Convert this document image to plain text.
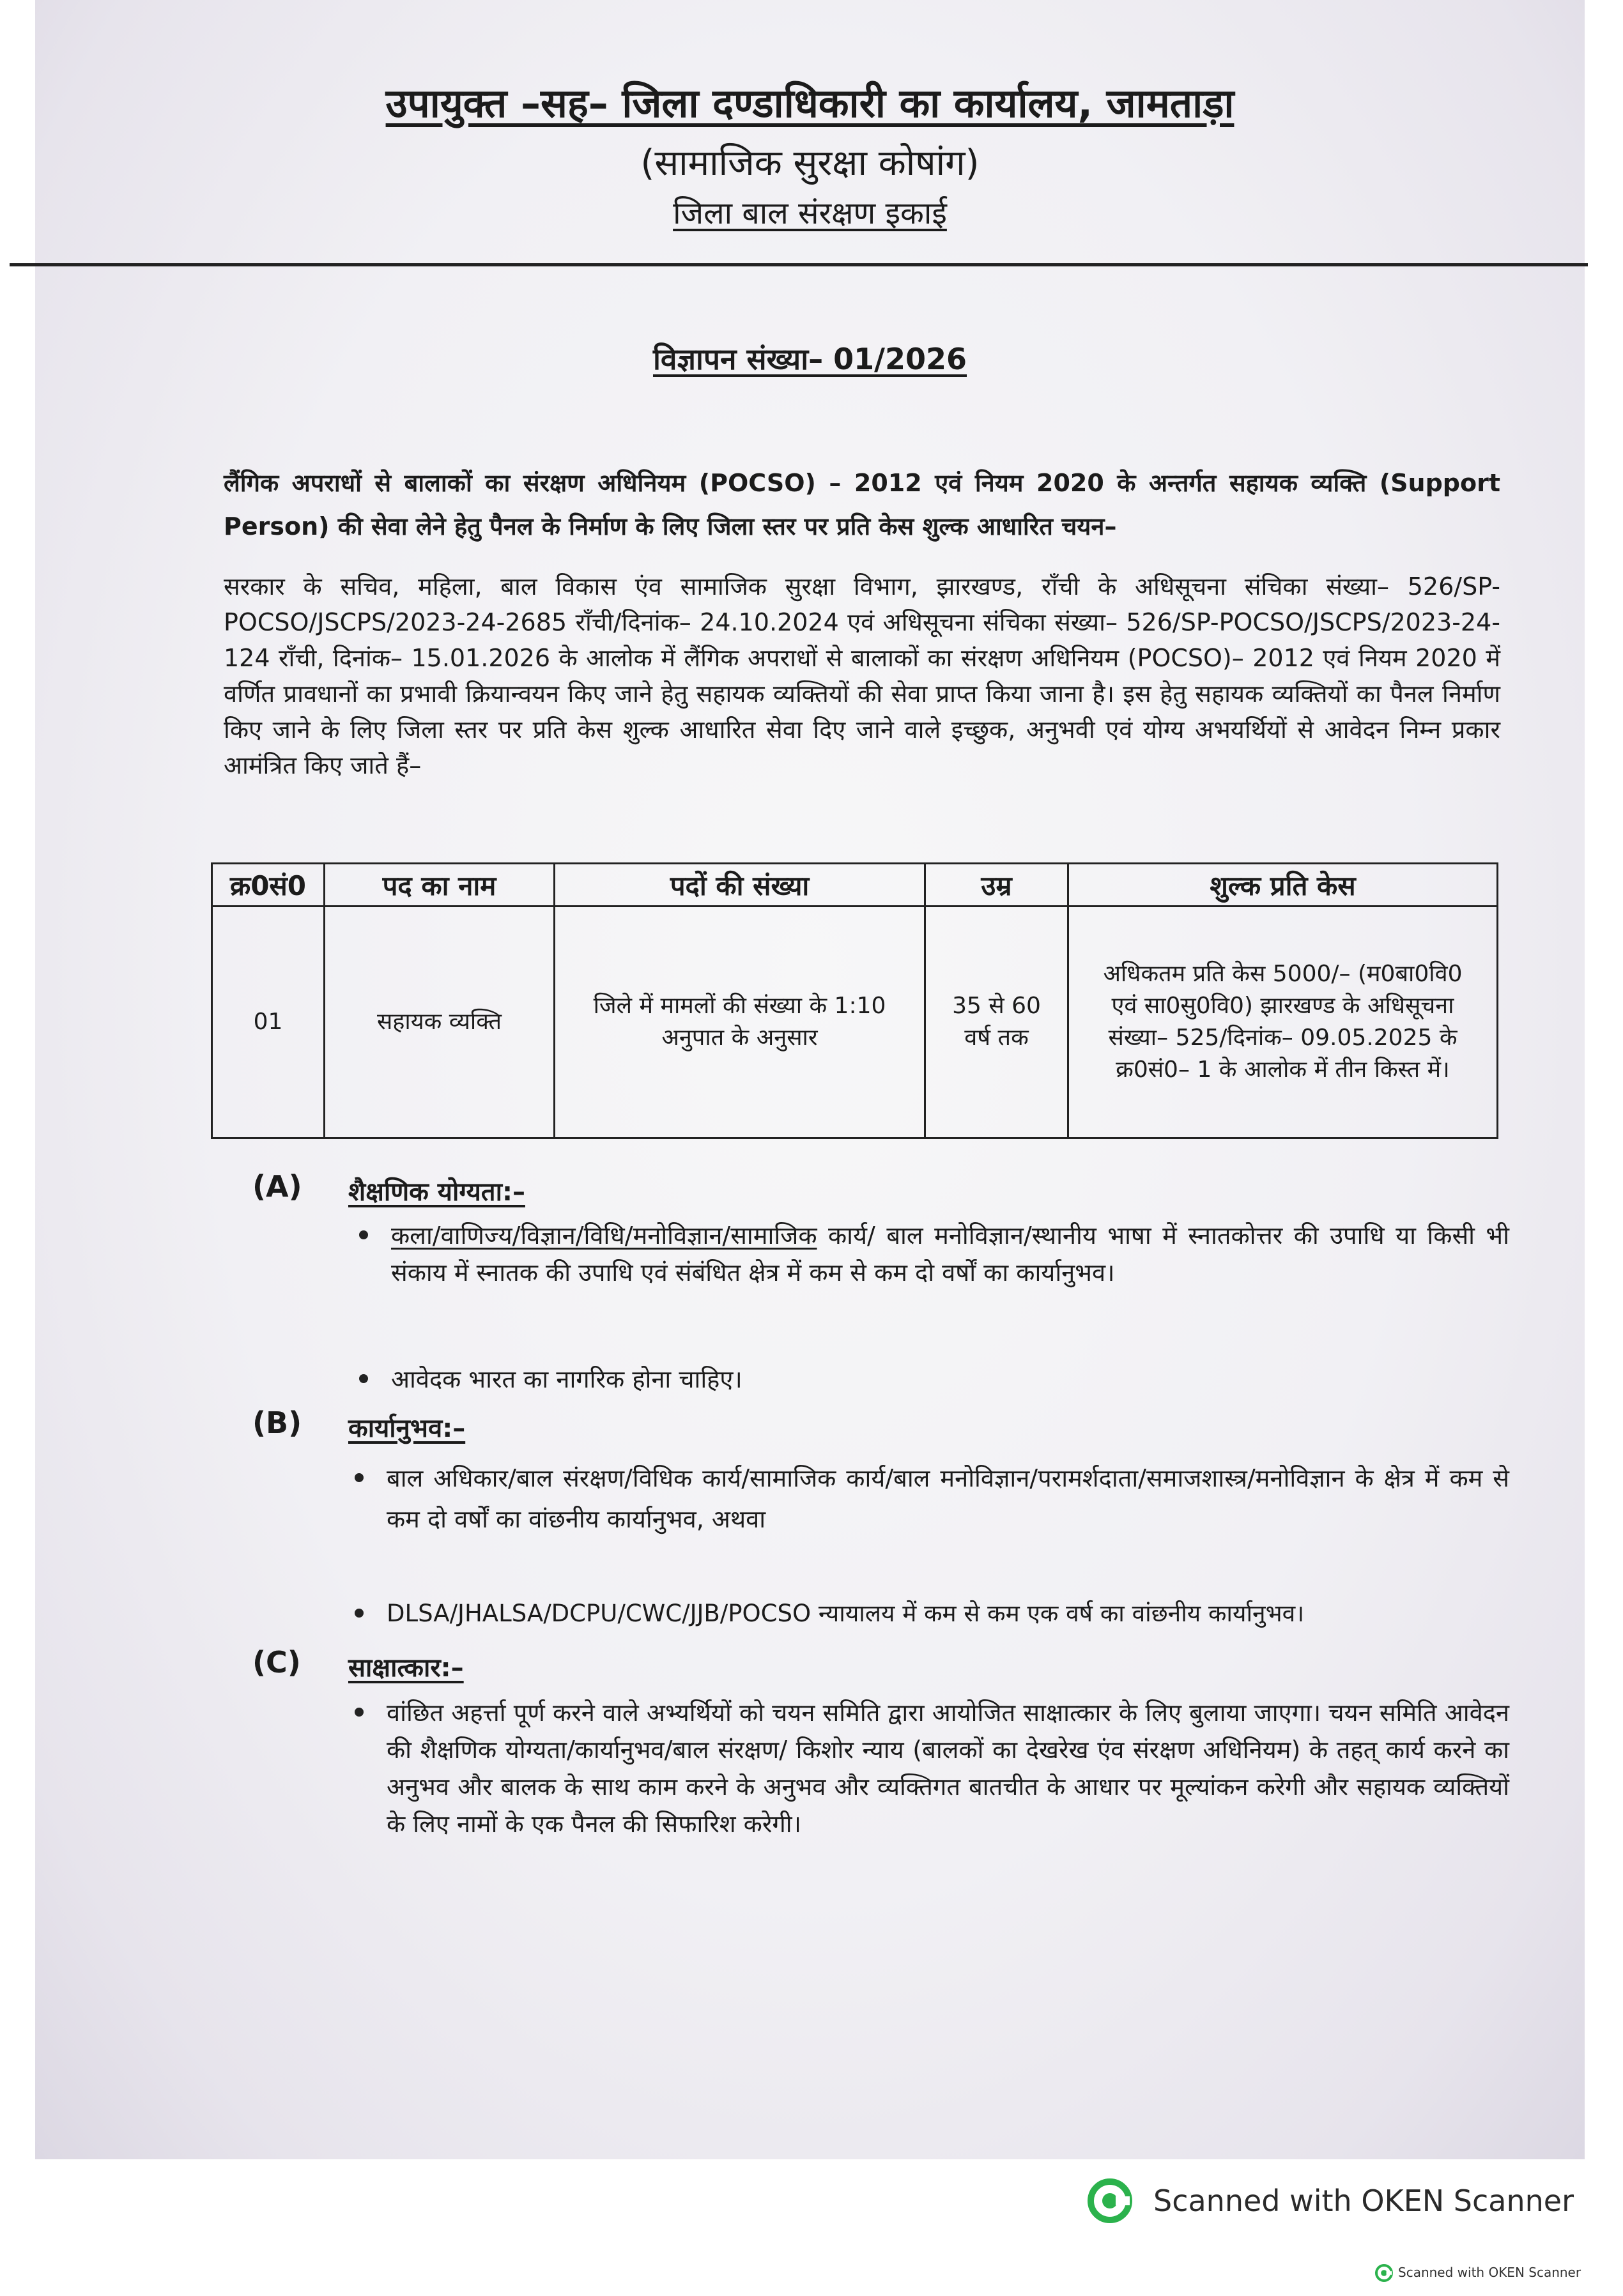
उपायुक्त –सह– जिला दण्डाधिकारी का कार्यालय, जामताड़ा
(सामाजिक सुरक्षा कोषांग)
जिला बाल संरक्षण इकाई
विज्ञापन संख्या– 01/2026
लैंगिक अपराधों से बालाकों का संरक्षण अधिनियम (POCSO) – 2012 एवं नियम 2020 के अन्तर्गत सहायक व्यक्ति (Support Person) की सेवा लेने हेतु पैनल के निर्माण के लिए जिला स्तर पर प्रति केस शुल्क आधारित चयन–
सरकार के सचिव, महिला, बाल विकास एंव सामाजिक सुरक्षा विभाग, झारखण्ड, राँची के अधिसूचना संचिका संख्या– 526/SP-POCSO/JSCPS/2023-24-2685 राँची/दिनांक– 24.10.2024 एवं अधिसूचना संचिका संख्या– 526/SP-POCSO/JSCPS/2023-24-124 राँची, दिनांक– 15.01.2026 के आलोक में लैंगिक अपराधों से बालाकों का संरक्षण अधिनियम (POCSO)– 2012 एवं नियम 2020 में वर्णित प्रावधानों का प्रभावी क्रियान्वयन किए जाने हेतु सहायक व्यक्तियों की सेवा प्राप्त किया जाना है। इस हेतु सहायक व्यक्तियों का पैनल निर्माण किए जाने के लिए जिला स्तर पर प्रति केस शुल्क आधारित सेवा दिए जाने वाले इच्छुक, अनुभवी एवं योग्य अभयर्थियों से आवेदन निम्न प्रकार आमंत्रित किए जाते हैं–
क्र0सं0	पद का नाम	पदों की संख्या	उम्र	शुल्क प्रति केस
01	सहायक व्यक्ति	जिले में मामलों की संख्या के 1:10 अनुपात के अनुसार	35 से 60 वर्ष तक	अधिकतम प्रति केस 5000/– (म0बा0वि0 एवं सा0सु0वि0) झारखण्ड के अधिसूचना संख्या– 525/दिनांक– 09.05.2025 के क्र0सं0– 1 के आलोक में तीन किस्त में।
(A) शैक्षणिक योग्यता:–
कला/वाणिज्य/विज्ञान/विधि/मनोविज्ञान/सामाजिक कार्य/ बाल मनोविज्ञान/स्थानीय भाषा में स्नातकोत्तर की उपाधि या किसी भी संकाय में स्नातक की उपाधि एवं संबंधित क्षेत्र में कम से कम दो वर्षों का कार्यानुभव।
आवेदक भारत का नागरिक होना चाहिए।
(B) कार्यानुभव:–
बाल अधिकार/बाल संरक्षण/विधिक कार्य/सामाजिक कार्य/बाल मनोविज्ञान/परामर्शदाता/समाजशास्त्र/मनोविज्ञान के क्षेत्र में कम से कम दो वर्षों का वांछनीय कार्यानुभव, अथवा
DLSA/JHALSA/DCPU/CWC/JJB/POCSO न्यायालय में कम से कम एक वर्ष का वांछनीय कार्यानुभव।
(C) साक्षात्कार:–
वांछित अहर्त्ता पूर्ण करने वाले अभ्यर्थियों को चयन समिति द्वारा आयोजित साक्षात्कार के लिए बुलाया जाएगा। चयन समिति आवेदन की शैक्षणिक योग्यता/कार्यानुभव/बाल संरक्षण/ किशोर न्याय (बालकों का देखरेख एंव संरक्षण अधिनियम) के तहत् कार्य करने का अनुभव और बालक के साथ काम करने के अनुभव और व्यक्तिगत बातचीत के आधार पर मूल्यांकन करेगी और सहायक व्यक्तियों के लिए नामों के एक पैनल की सिफारिश करेगी।
Scanned with OKEN Scanner
Scanned with OKEN Scanner
